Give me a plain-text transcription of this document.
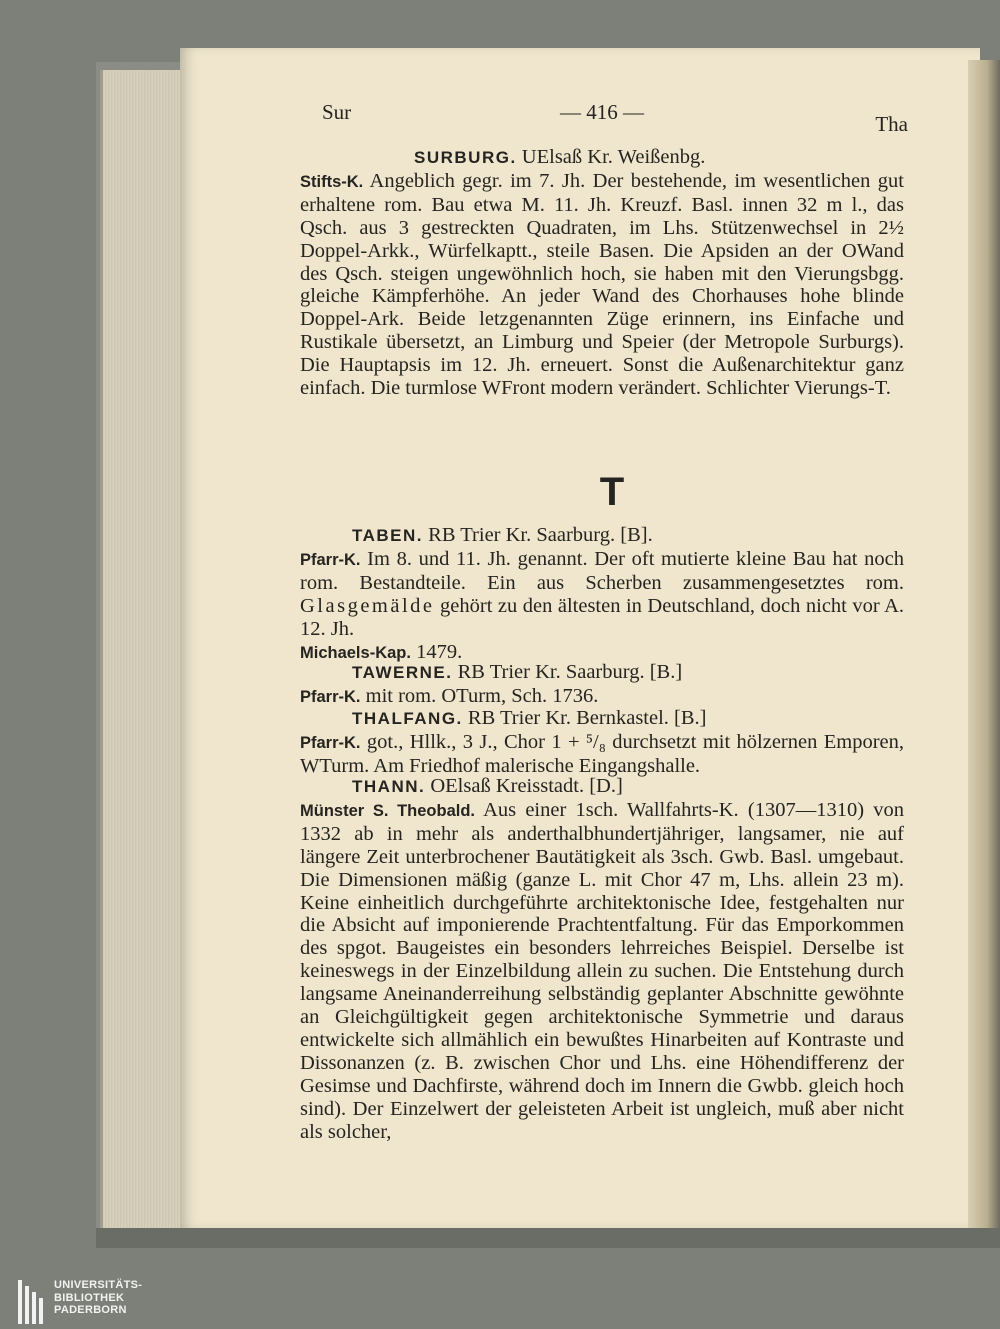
Sur	— 416 —	Tha

SURBURG. UElsaß Kr. Weißenbg.
Stifts-K. Angeblich gegr. im 7. Jh. Der bestehende, im wesentlichen gut erhaltene rom. Bau etwa M. 11. Jh. Kreuzf. Basl. innen 32 m l., das Qsch. aus 3 gestreckten Quadraten, im Lhs. Stützenwechsel in 2½ Doppel-Arkk., Würfelkaptt., steile Basen. Die Apsiden an der OWand des Qsch. steigen ungewöhnlich hoch, sie haben mit den Vierungsbgg. gleiche Kämpferhöhe. An jeder Wand des Chorhauses hohe blinde Doppel-Ark. Beide letzgenannten Züge erinnern, ins Einfache und Rustikale übersetzt, an Limburg und Speier (der Metropole Surburgs). Die Hauptapsis im 12. Jh. erneuert. Sonst die Außenarchitektur ganz einfach. Die turmlose WFront modern verändert. Schlichter Vierungs-T.

T

TABEN. RB Trier Kr. Saarburg. [B].
Pfarr-K. Im 8. und 11. Jh. genannt. Der oft mutierte kleine Bau hat noch rom. Bestandteile. Ein aus Scherben zusammengesetztes rom. Glasgemälde gehört zu den ältesten in Deutschland, doch nicht vor A. 12. Jh.
Michaels-Kap. 1479.

TAWERNE. RB Trier Kr. Saarburg. [B.]
Pfarr-K. mit rom. OTurm, Sch. 1736.

THALFANG. RB Trier Kr. Bernkastel. [B.]
Pfarr-K. got., Hllk., 3 J., Chor 1 + ⁵/₈ durchsetzt mit hölzernen Emporen, WTurm. Am Friedhof malerische Eingangshalle.

THANN. OElsaß Kreisstadt. [D.]
Münster S. Theobald. Aus einer 1sch. Wallfahrts-K. (1307—1310) von 1332 ab in mehr als anderthalbhundertjähriger, langsamer, nie auf längere Zeit unterbrochener Bautätigkeit als 3sch. Gwb. Basl. umgebaut. Die Dimensionen mäßig (ganze L. mit Chor 47 m, Lhs. allein 23 m). Keine einheitlich durchgeführte architektonische Idee, festgehalten nur die Absicht auf imponierende Prachtentfaltung. Für das Emporkommen des spgot. Baugeistes ein besonders lehrreiches Beispiel. Derselbe ist keineswegs in der Einzelbildung allein zu suchen. Die Entstehung durch langsame Aneinanderreihung selbständig geplanter Abschnitte gewöhnte an Gleichgültigkeit gegen architektonische Symmetrie und daraus entwickelte sich allmählich ein bewußtes Hinarbeiten auf Kontraste und Dissonanzen (z. B. zwischen Chor und Lhs. eine Höhendifferenz der Gesimse und Dachfirste, während doch im Innern die Gwbb. gleich hoch sind). Der Einzelwert der geleisteten Arbeit ist ungleich, muß aber nicht als solcher,

UNIVERSITÄTS-
BIBLIOTHEK
PADERBORN
